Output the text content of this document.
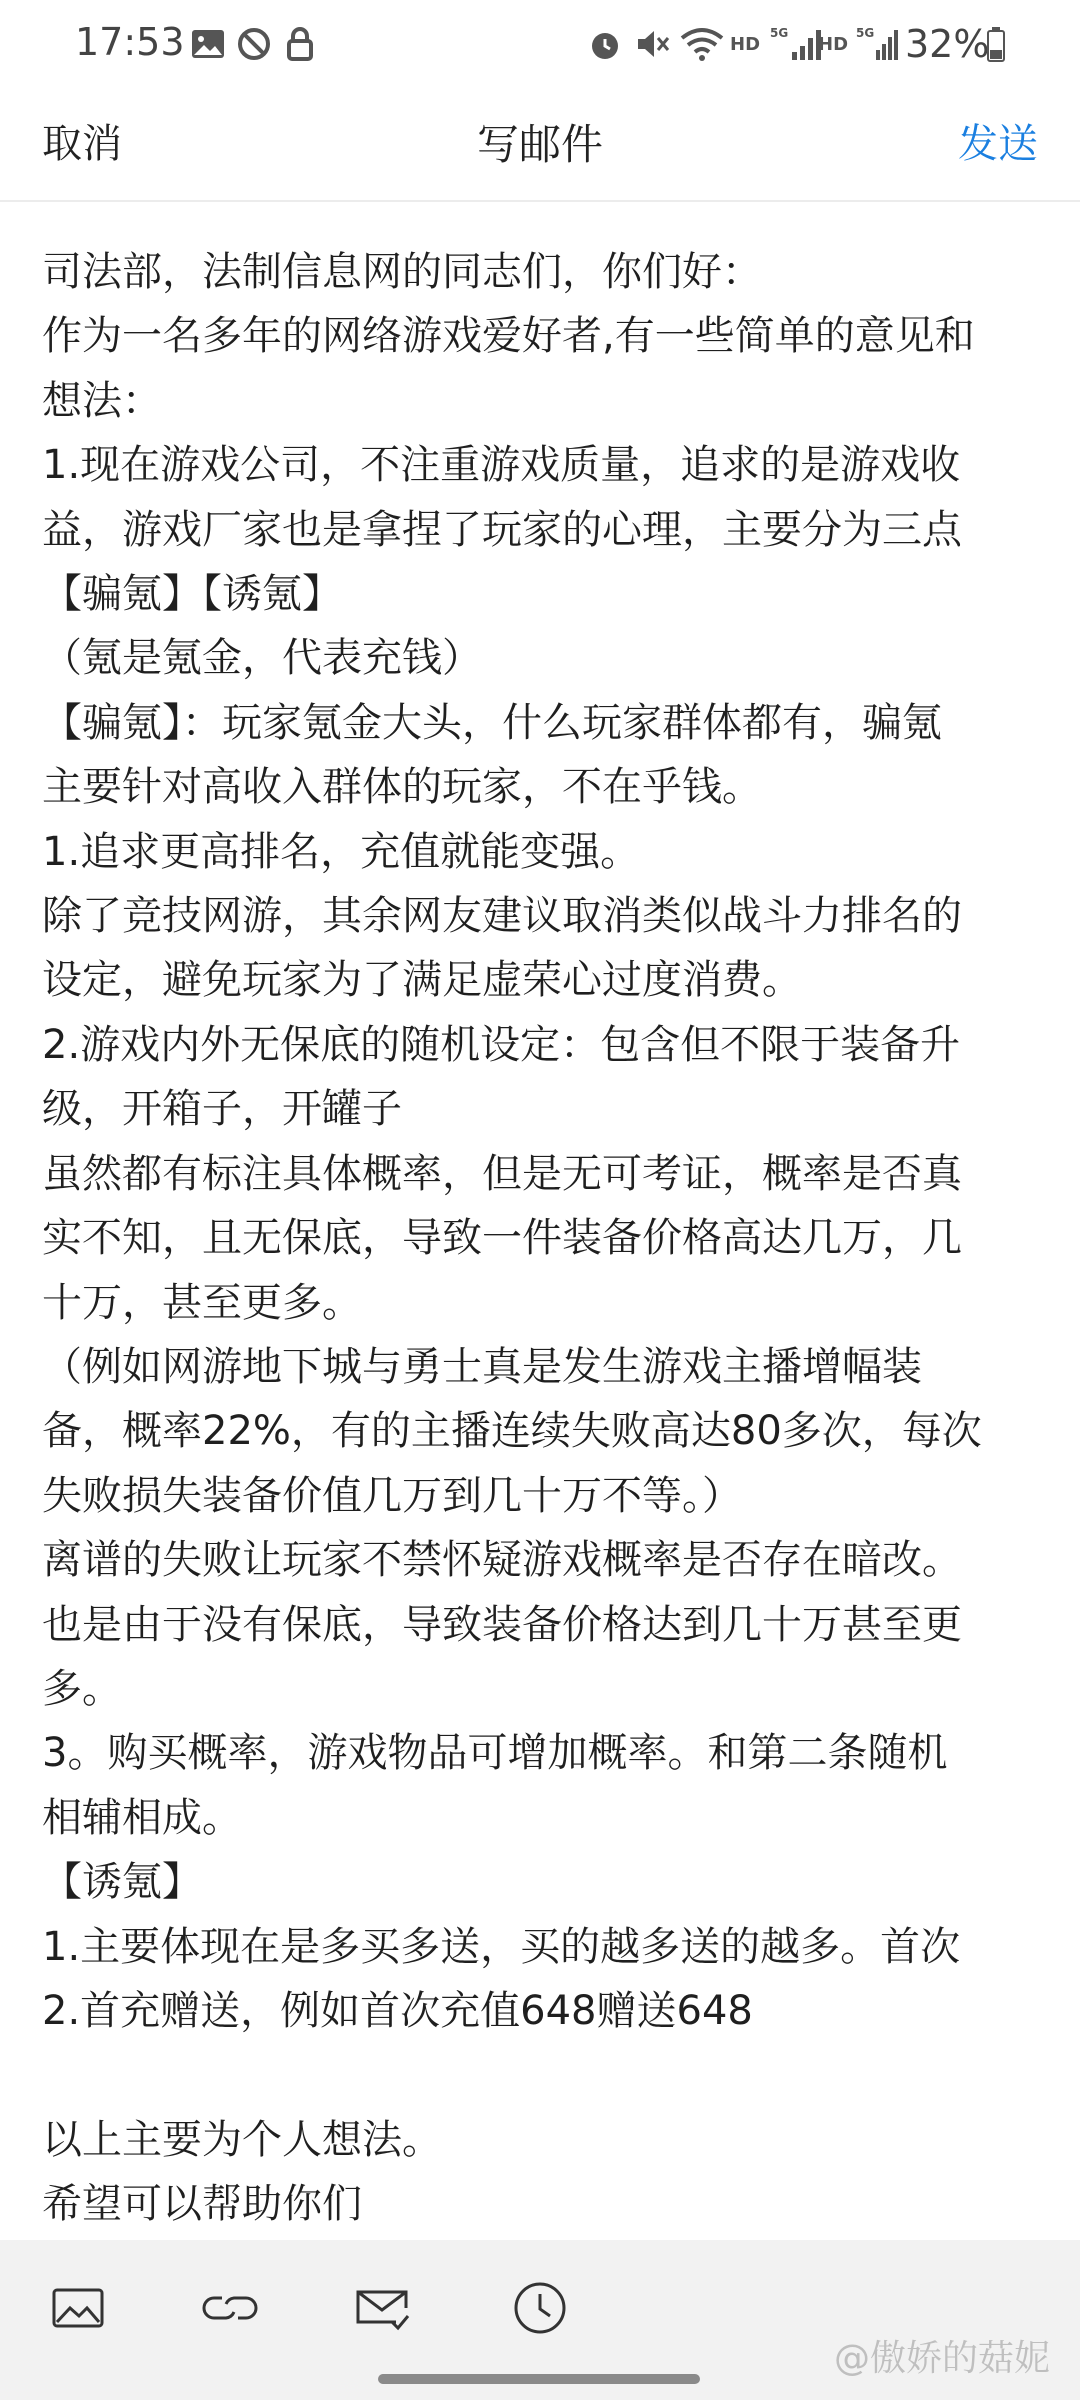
17:53	HD
5G
HD
5G 32%
取消	写邮件	发送
司法部，法制信息网的同志们，你们好：
作为一名多年的网络游戏爱好者,有一些简单的意见和
想法：
1.现在游戏公司，不注重游戏质量，追求的是游戏收
益，游戏厂家也是拿捏了玩家的心理，主要分为三点
【骗氪】【诱氪】
（氪是氪金，代表充钱）
【骗氪】：玩家氪金大头，什么玩家群体都有，骗氪
主要针对高收入群体的玩家，不在乎钱。
1.追求更高排名，充值就能变强。
除了竞技网游，其余网友建议取消类似战斗力排名的
设定，避免玩家为了满足虚荣心过度消费。
2.游戏内外无保底的随机设定：包含但不限于装备升
级，开箱子，开罐子
虽然都有标注具体概率，但是无可考证，概率是否真
实不知，且无保底，导致一件装备价格高达几万，几
十万，甚至更多。
（例如网游地下城与勇士真是发生游戏主播增幅装
备，概率22%，有的主播连续失败高达80多次，每次
失败损失装备价值几万到几十万不等。）
离谱的失败让玩家不禁怀疑游戏概率是否存在暗改。
也是由于没有保底，导致装备价格达到几十万甚至更
多。
3。购买概率，游戏物品可增加概率。和第二条随机
相辅相成。
【诱氪】
1.主要体现在是多买多送，买的越多送的越多。首次
2.首充赠送，例如首次充值648赠送648
以上主要为个人想法。
希望可以帮助你们
@傲娇的菇妮
